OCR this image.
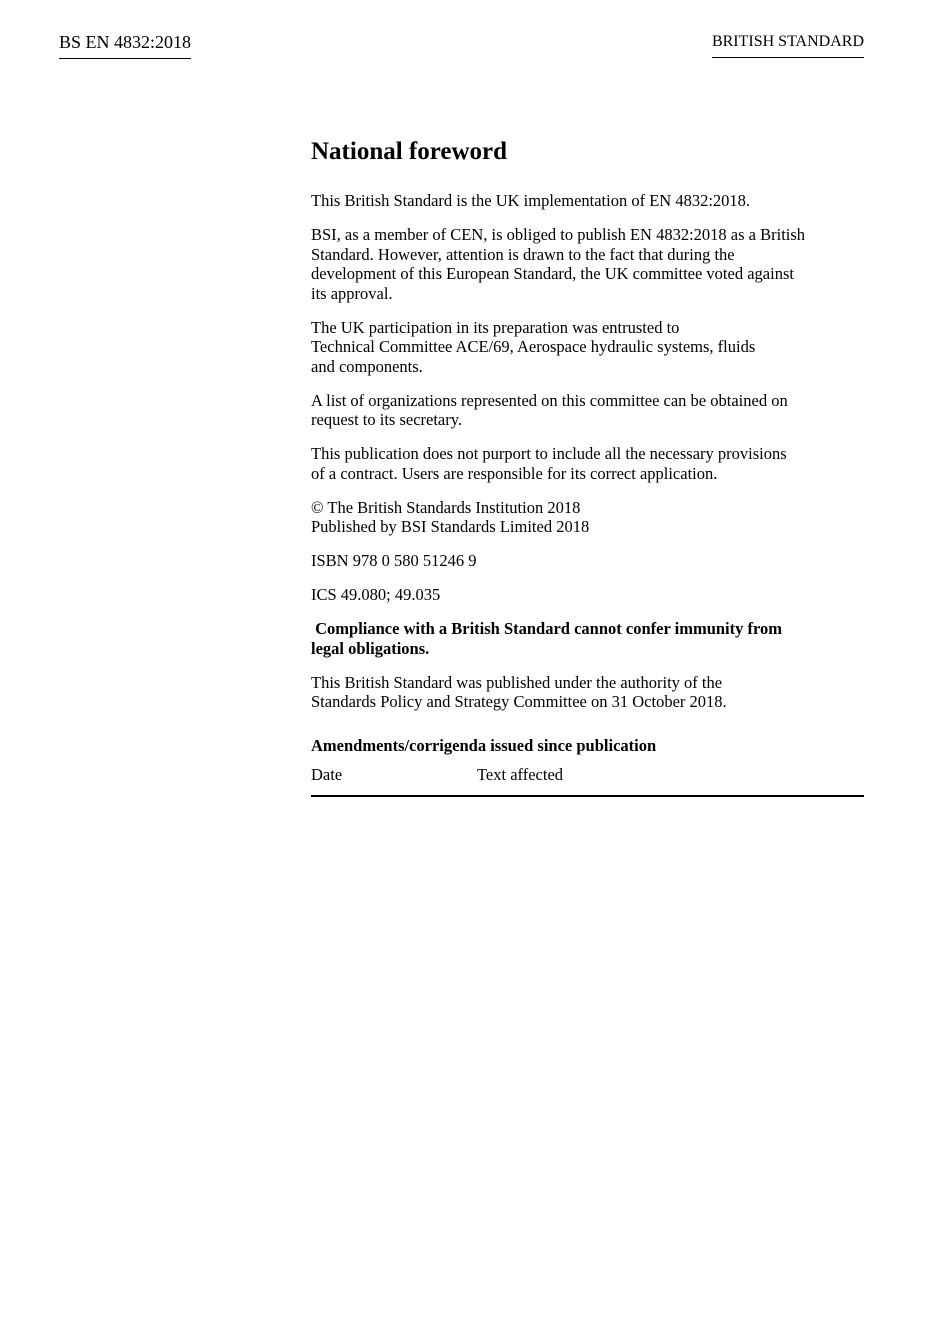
BS EN 4832:2018	BRITISH STANDARD
National foreword

This British Standard is the UK implementation of EN 4832:2018.

BSI, as a member of CEN, is obliged to publish EN 4832:2018 as a British
Standard. However, attention is drawn to the fact that during the
development of this European Standard, the UK committee voted against
its approval.

The UK participation in its preparation was entrusted to
Technical Committee ACE/69, Aerospace hydraulic systems, fluids
and components.

A list of organizations represented on this committee can be obtained on
request to its secretary.

This publication does not purport to include all the necessary provisions
of a contract. Users are responsible for its correct application.

© The British Standards Institution 2018
Published by BSI Standards Limited 2018

ISBN 978 0 580 51246 9

ICS 49.080; 49.035

Compliance with a British Standard cannot confer immunity from
legal obligations.

This British Standard was published under the authority of the
Standards Policy and Strategy Committee on 31 October 2018.

Amendments/corrigenda issued since publication
Date	Text affected
